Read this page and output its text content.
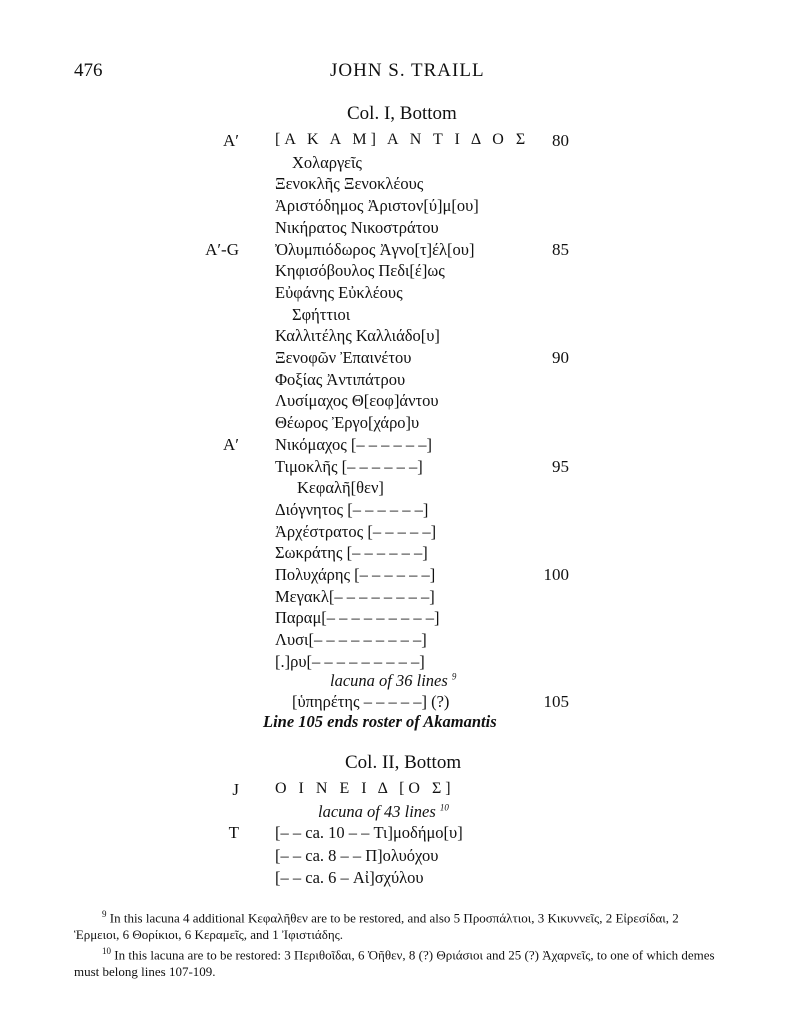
476	JOHN S. TRAILL
Col. I, Bottom
A′ [Α Κ Α Μ] Α Ν Τ Ι Δ Ο Σ 80
Χολαργεῖς
Ξενοκλῆς Ξενοκλέους
Ἀριστόδημος Ἀριστον[ύ]μ[ου]
Νικήρατος Νικοστράτου
A′-G Ὀλυμπιόδωρος Ἀγνο[τ]έλ[ου]	85
Κηφισόβουλος Πεδι[έ]ως
Εὐφάνης Εὐκλέους
Σφήττιοι
Καλλιτέλης Καλλιάδο[υ]
Ξενοφῶν Ἐπαινέτου	90
Φοξίας Ἀντιπάτρου
Λυσίμαχος Θ[εοφ]άντου
Θέωρος Ἐργο[χάρο]υ
A′ Νικόμαχος [– – – – – –]
Τιμοκλῆς [– – – – – –]	95
Κεφαλῆ[θεν]
Διόγνητος [– – – – – –]
Ἀρχέστρατος [– – – – –]
Σωκράτης [– – – – – –]
Πολυχάρης [– – – – – –]	100
Μεγακλ[– – – – – – – –]
Παραμ[– – – – – – – – –]
Λυσι[– – – – – – – – –]
[.]ρυ[– – – – – – – – –]
lacuna of 36 lines $^9$
[ὑπηρέτης – – – – –] (?)	105
Line 105 ends roster of Akamantis
Col. II, Bottom
J Ο Ι Ν Ε Ι Δ [Ο Σ]
lacuna of 43 lines $^{10}$
T [– – ca. 10 – – Τι]μοδήμο[υ]
[– – ca. 8 – – Π]ολυόχου
[– – ca. 6 – Αἰ]σχύλου
$^9$ In this lacuna 4 additional Κεφαλῆθεν are to be restored, and also 5 Προσπάλτιοι, 3 Κικυννεῖς, 2 Εἰρεσίδαι, 2 Ἑρμειοι, 6 Θορίκιοι, 6 Κεραμεῖς, and 1 Ἰφιστιάδης.
$^{10}$ In this lacuna are to be restored: 3 Περιθοῖδαι, 6 Ὀῆθεν, 8 (?) Θριάσιοι and 25 (?) Ἀχαρνεῖς, to one of which demes must belong lines 107-109.
